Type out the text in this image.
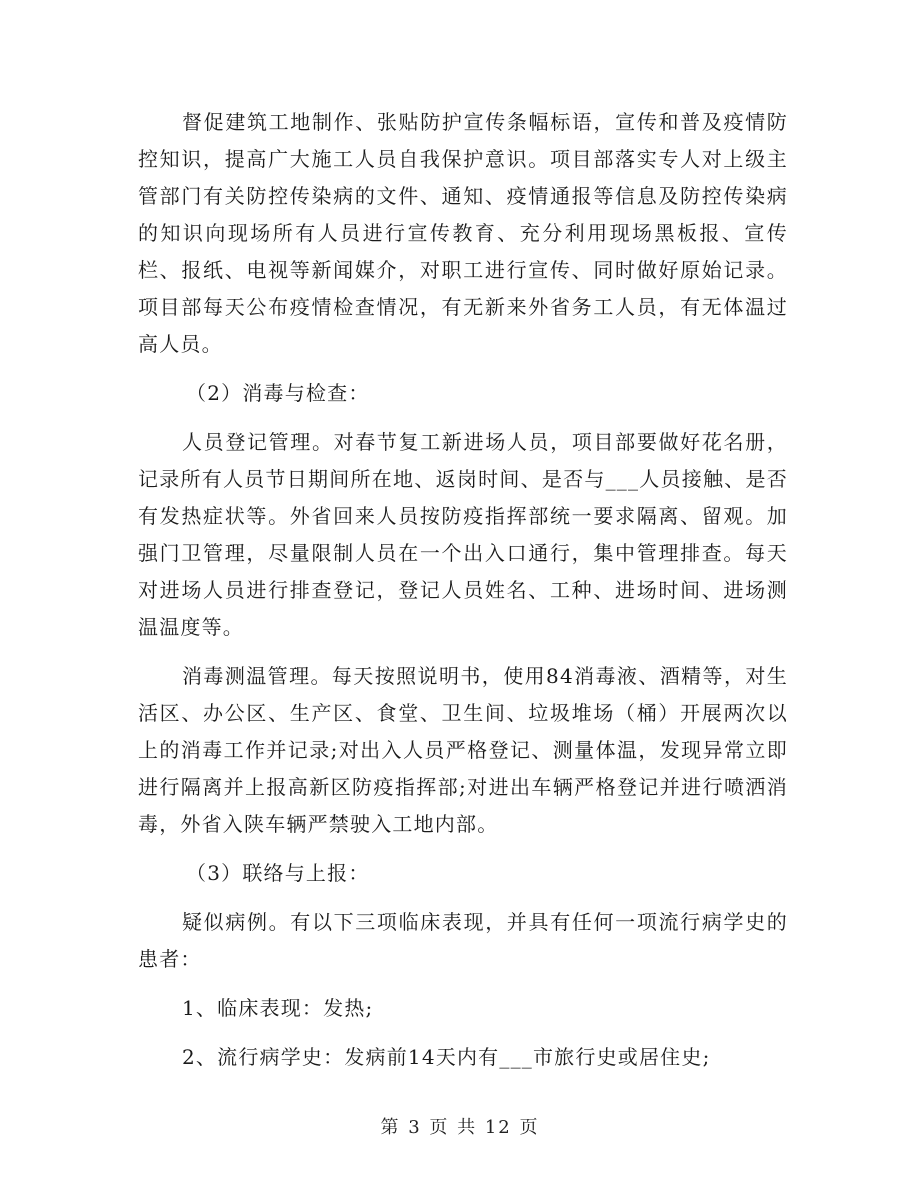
督促建筑工地制作、张贴防护宣传条幅标语，宣传和普及疫情防控知识，提高广大施工人员自我保护意识。项目部落实专人对上级主管部门有关防控传染病的文件、通知、疫情通报等信息及防控传染病的知识向现场所有人员进行宣传教育、充分利用现场黑板报、宣传栏、报纸、电视等新闻媒介，对职工进行宣传、同时做好原始记录。项目部每天公布疫情检查情况，有无新来外省务工人员，有无体温过高人员。

（2）消毒与检查：

人员登记管理。对春节复工新进场人员，项目部要做好花名册，记录所有人员节日期间所在地、返岗时间、是否与___人员接触、是否有发热症状等。外省回来人员按防疫指挥部统一要求隔离、留观。加强门卫管理，尽量限制人员在一个出入口通行，集中管理排查。每天对进场人员进行排查登记，登记人员姓名、工种、进场时间、进场测温温度等。

消毒测温管理。每天按照说明书，使用84消毒液、酒精等，对生活区、办公区、生产区、食堂、卫生间、垃圾堆场（桶）开展两次以上的消毒工作并记录;对出入人员严格登记、测量体温，发现异常立即进行隔离并上报高新区防疫指挥部;对进出车辆严格登记并进行喷洒消毒，外省入陕车辆严禁驶入工地内部。

（3）联络与上报：

疑似病例。有以下三项临床表现，并具有任何一项流行病学史的患者：

1、临床表现：发热;

2、流行病学史：发病前14天内有___市旅行史或居住史;

第 3 页 共 12 页
